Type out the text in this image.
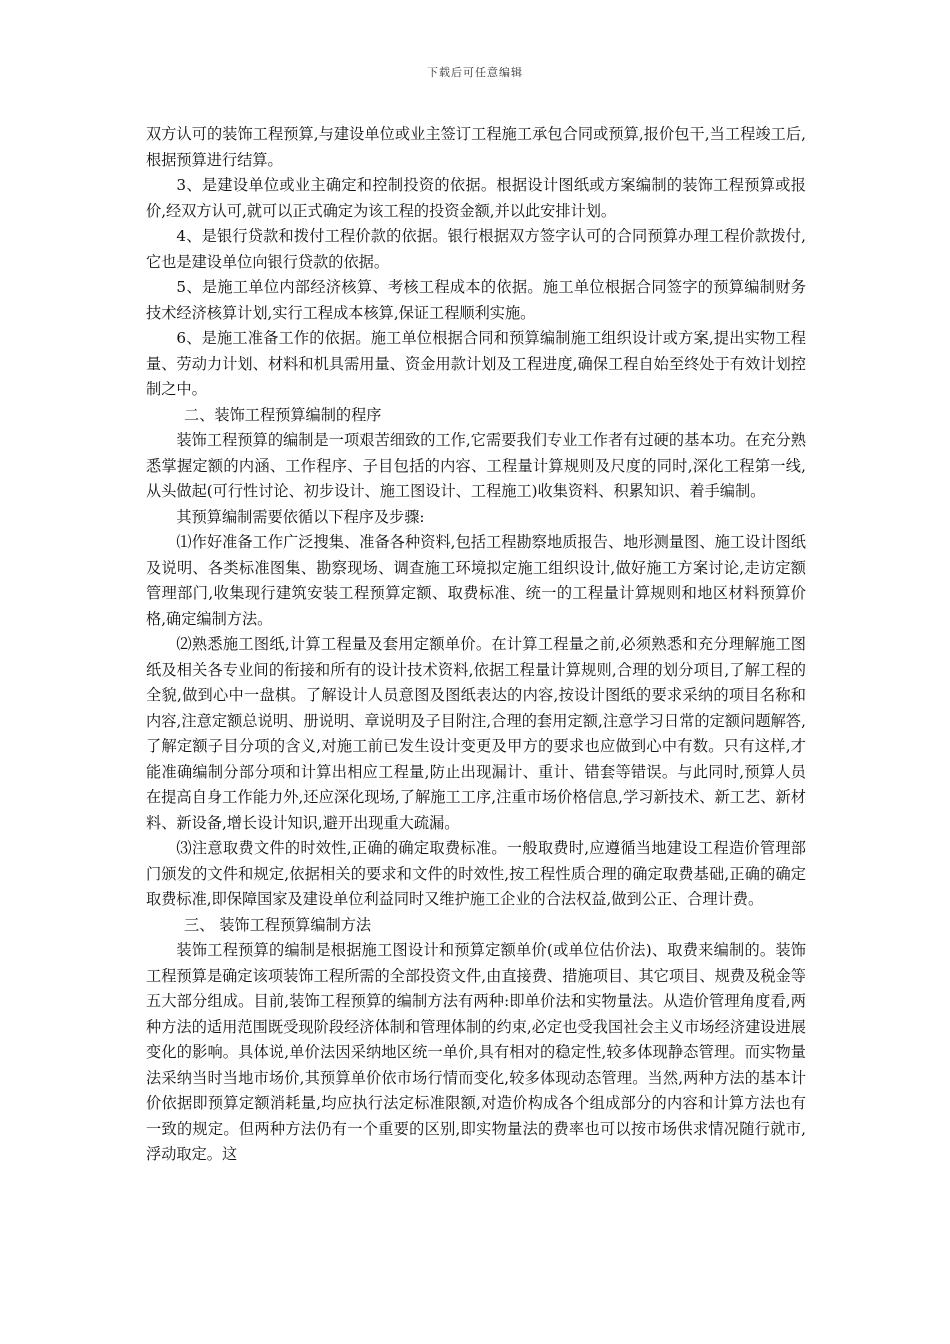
下载后可任意编辑

双方认可的装饰工程预算,与建设单位或业主签订工程施工承包合同或预算,报价包干,当工程竣工后,根据预算进行结算。

3、是建设单位或业主确定和控制投资的依据。根据设计图纸或方案编制的装饰工程预算或报价,经双方认可,就可以正式确定为该工程的投资金额,并以此安排计划。

4、是银行贷款和拨付工程价款的依据。银行根据双方签字认可的合同预算办理工程价款拨付,它也是建设单位向银行贷款的依据。

5、是施工单位内部经济核算、考核工程成本的依据。施工单位根据合同签字的预算编制财务技术经济核算计划,实行工程成本核算,保证工程顺利实施。

6、是施工准备工作的依据。施工单位根据合同和预算编制施工组织设计或方案,提出实物工程量、劳动力计划、材料和机具需用量、资金用款计划及工程进度,确保工程自始至终处于有效计划控制之中。

二、装饰工程预算编制的程序

装饰工程预算的编制是一项艰苦细致的工作,它需要我们专业工作者有过硬的基本功。在充分熟悉掌握定额的内涵、工作程序、子目包括的内容、工程量计算规则及尺度的同时,深化工程第一线,从头做起(可行性讨论、初步设计、施工图设计、工程施工)收集资料、积累知识、着手编制。

其预算编制需要依循以下程序及步骤:

⑴作好准备工作广泛搜集、准备各种资料,包括工程勘察地质报告、地形测量图、施工设计图纸及说明、各类标准图集、勘察现场、调查施工环境拟定施工组织设计,做好施工方案讨论,走访定额管理部门,收集现行建筑安装工程预算定额、取费标准、统一的工程量计算规则和地区材料预算价格,确定编制方法。

⑵熟悉施工图纸,计算工程量及套用定额单价。在计算工程量之前,必须熟悉和充分理解施工图纸及相关各专业间的衔接和所有的设计技术资料,依据工程量计算规则,合理的划分项目,了解工程的全貌,做到心中一盘棋。了解设计人员意图及图纸表达的内容,按设计图纸的要求采纳的项目名称和内容,注意定额总说明、册说明、章说明及子目附注,合理的套用定额,注意学习日常的定额问题解答,了解定额子目分项的含义,对施工前已发生设计变更及甲方的要求也应做到心中有数。只有这样,才能准确编制分部分项和计算出相应工程量,防止出现漏计、重计、错套等错误。与此同时,预算人员在提高自身工作能力外,还应深化现场,了解施工工序,注重市场价格信息,学习新技术、新工艺、新材料、新设备,增长设计知识,避开出现重大疏漏。

⑶注意取费文件的时效性,正确的确定取费标准。一般取费时,应遵循当地建设工程造价管理部门颁发的文件和规定,依据相关的要求和文件的时效性,按工程性质合理的确定取费基础,正确的确定取费标准,即保障国家及建设单位利益同时又维护施工企业的合法权益,做到公正、合理计费。

三、 装饰工程预算编制方法

装饰工程预算的编制是根据施工图设计和预算定额单价(或单位估价法)、取费来编制的。装饰工程预算是确定该项装饰工程所需的全部投资文件,由直接费、措施项目、其它项目、规费及税金等五大部分组成。目前,装饰工程预算的编制方法有两种:即单价法和实物量法。从造价管理角度看,两种方法的适用范围既受现阶段经济体制和管理体制的约束,必定也受我国社会主义市场经济建设进展变化的影响。具体说,单价法因采纳地区统一单价,具有相对的稳定性,较多体现静态管理。而实物量法采纳当时当地市场价,其预算单价依市场行情而变化,较多体现动态管理。当然,两种方法的基本计价依据即预算定额消耗量,均应执行法定标准限额,对造价构成各个组成部分的内容和计算方法也有一致的规定。但两种方法仍有一个重要的区别,即实物量法的费率也可以按市场供求情况随行就市,浮动取定。这
